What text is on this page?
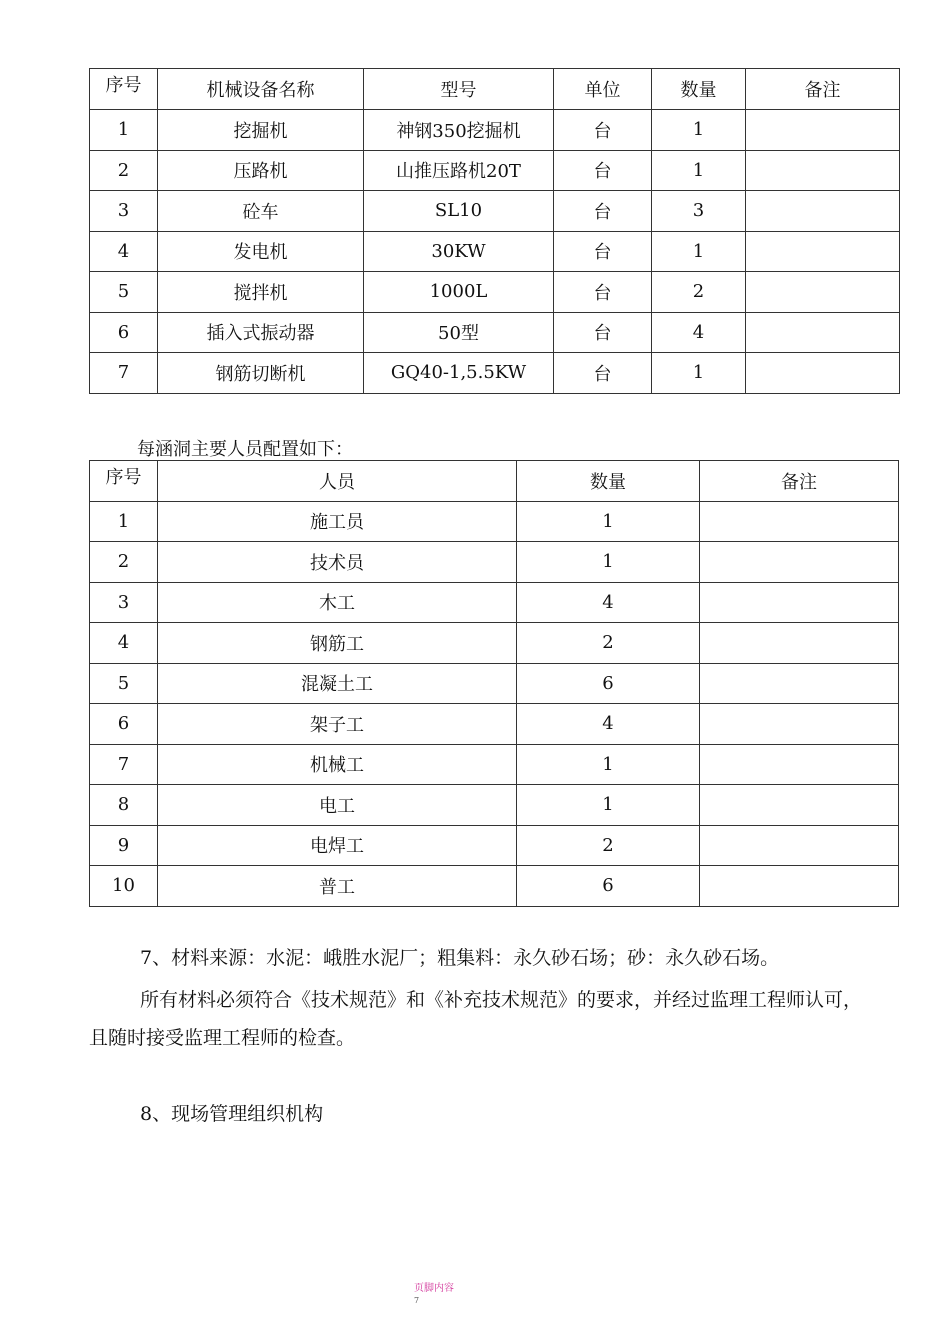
序号	机械设备名称	型号	单位	数量	备注
1	挖掘机	神钢350挖掘机	台	1	
2	压路机	山推压路机20T	台	1	
3	砼车	SL10	台	3	
4	发电机	30KW	台	1	
5	搅拌机	1000L	台	2	
6	插入式振动器	50型	台	4	
7	钢筋切断机	GQ40-1,5.5KW	台	1	
每涵洞主要人员配置如下：
序号	人员	数量	备注
1	施工员	1	
2	技术员	1	
3	木工	4	
4	钢筋工	2	
5	混凝土工	6	
6	架子工	4	
7	机械工	1	
8	电工	1	
9	电焊工	2	
10	普工	6	
7、材料来源：水泥：峨胜水泥厂；粗集料：永久砂石场；砂：永久砂石场。
所有材料必须符合《技术规范》和《补充技术规范》的要求，并经过监理工程师认可，
且随时接受监理工程师的检查。
8、现场管理组织机构
页脚内容
7
